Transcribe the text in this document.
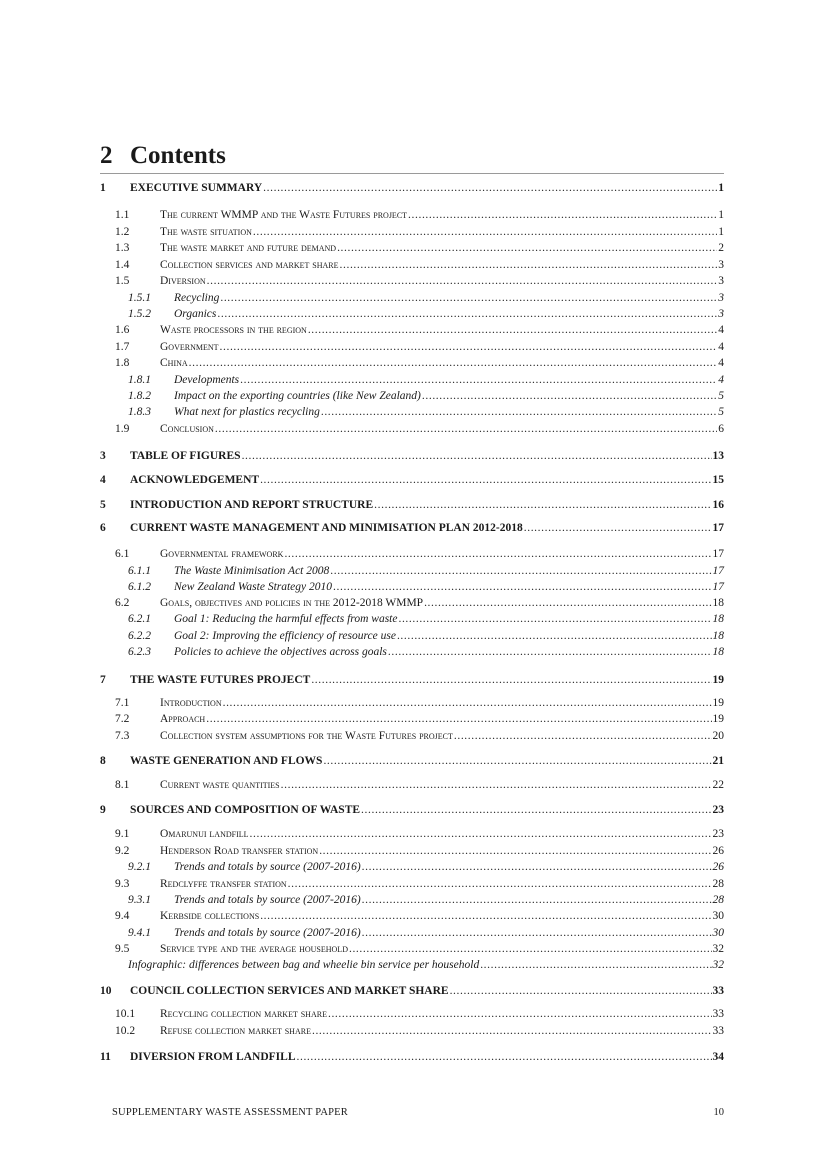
2 Contents
1	EXECUTIVE SUMMARY .....	1
1.1	The current WMMP and the Waste Futures project .....	1
1.2	The waste situation .....	1
1.3	The waste market and future demand .....	2
1.4	Collection services and market share .....	3
1.5	Diversion .....	3
1.5.1	Recycling .....	3
1.5.2	Organics .....	3
1.6	Waste processors in the region .....	4
1.7	Government .....	4
1.8	China .....	4
1.8.1	Developments .....	4
1.8.2	Impact on the exporting countries (like New Zealand) .....	5
1.8.3	What next for plastics recycling .....	5
1.9	Conclusion .....	6
3	TABLE OF FIGURES .....	13
4	ACKNOWLEDGEMENT .....	15
5	INTRODUCTION AND REPORT STRUCTURE .....	16
6	CURRENT WASTE MANAGEMENT AND MINIMISATION PLAN 2012-2018 .....	17
6.1	Governmental framework .....	17
6.1.1	The Waste Minimisation Act 2008 .....	17
6.1.2	New Zealand Waste Strategy 2010 .....	17
6.2	Goals, objectives and policies in the 2012-2018 WMMP .....	18
6.2.1	Goal 1: Reducing the harmful effects from waste .....	18
6.2.2	Goal 2: Improving the efficiency of resource use .....	18
6.2.3	Policies to achieve the objectives across goals .....	18
7	THE WASTE FUTURES PROJECT .....	19
7.1	Introduction .....	19
7.2	Approach .....	19
7.3	Collection system assumptions for the Waste Futures project .....	20
8	WASTE GENERATION AND FLOWS .....	21
8.1	Current waste quantities .....	22
9	SOURCES AND COMPOSITION OF WASTE .....	23
9.1	Omarunui landfill .....	23
9.2	Henderson Road transfer station .....	26
9.2.1	Trends and totals by source (2007-2016) .....	26
9.3	Redclyffe transfer station .....	28
9.3.1	Trends and totals by source (2007-2016) .....	28
9.4	Kerbside collections .....	30
9.4.1	Trends and totals by source (2007-2016) .....	30
9.5	Service type and the average household .....	32
Infographic: differences between bag and wheelie bin service per household .....	32
10	COUNCIL COLLECTION SERVICES AND MARKET SHARE .....	33
10.1	Recycling collection market share .....	33
10.2	Refuse collection market share .....	33
11	DIVERSION FROM LANDFILL .....	34
SUPPLEMENTARY WASTE ASSESSMENT PAPER	10
